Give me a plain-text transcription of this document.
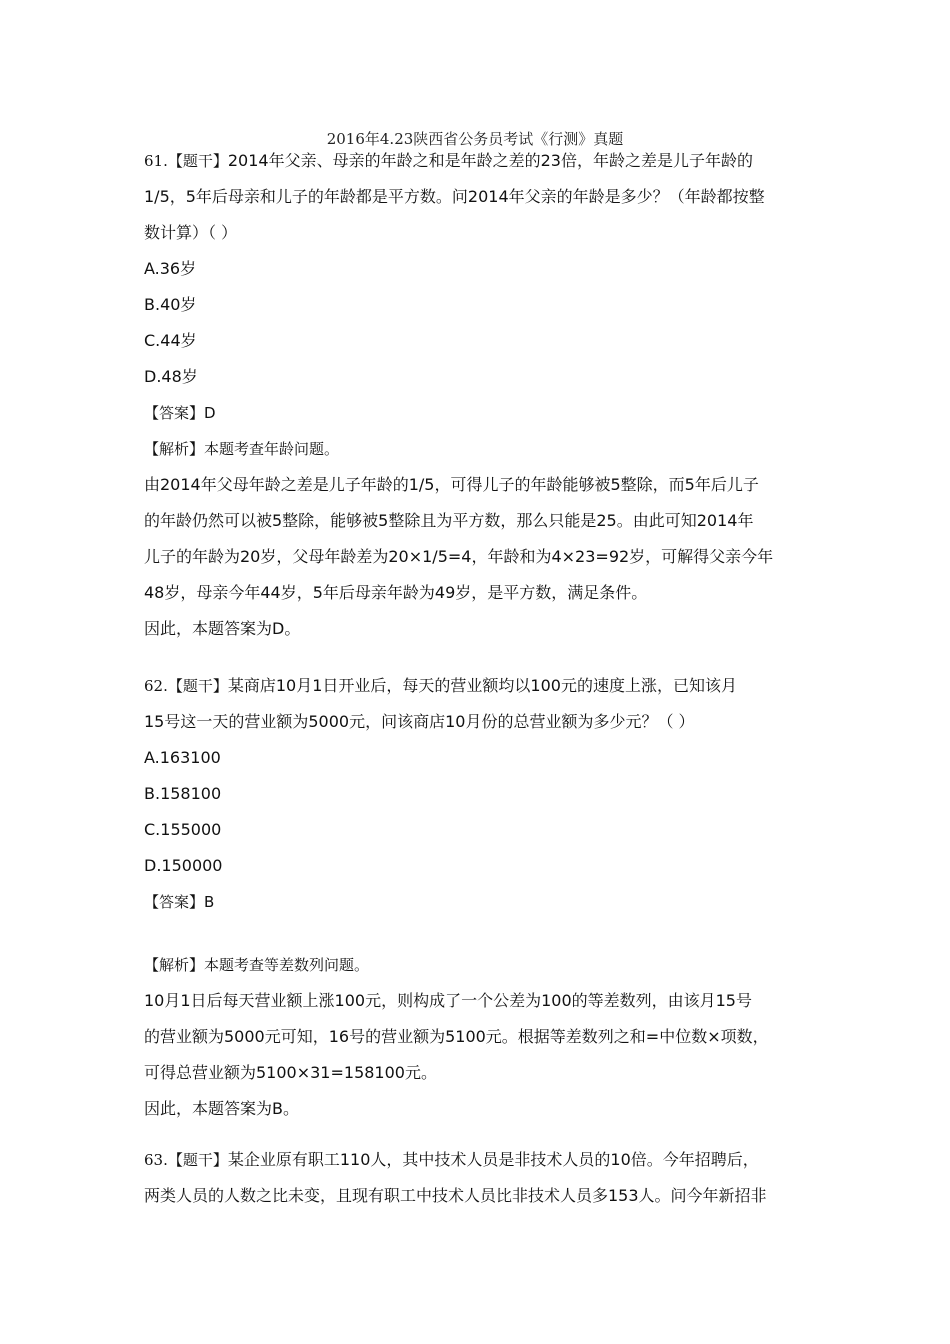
2016年4.23陕西省公务员考试《行测》真题
61.【题干】2014年父亲、母亲的年龄之和是年龄之差的23倍，年龄之差是儿子年龄的
1/5，5年后母亲和儿子的年龄都是平方数。问2014年父亲的年龄是多少？（年龄都按整
数计算）（ ）
A.36岁
B.40岁
C.44岁
D.48岁
【答案】D
【解析】本题考查年龄问题。
由2014年父母年龄之差是儿子年龄的1/5，可得儿子的年龄能够被5整除，而5年后儿子
的年龄仍然可以被5整除，能够被5整除且为平方数，那么只能是25。由此可知2014年
儿子的年龄为20岁，父母年龄差为20×1/5=4，年龄和为4×23=92岁，可解得父亲今年
48岁，母亲今年44岁，5年后母亲年龄为49岁，是平方数，满足条件。
因此，本题答案为D。
62.【题干】某商店10月1日开业后，每天的营业额均以100元的速度上涨，已知该月
15号这一天的营业额为5000元，问该商店10月份的总营业额为多少元？（ ）
A.163100
B.158100
C.155000
D.150000
【答案】B
【解析】本题考查等差数列问题。
10月1日后每天营业额上涨100元，则构成了一个公差为100的等差数列，由该月15号
的营业额为5000元可知，16号的营业额为5100元。根据等差数列之和=中位数×项数，
可得总营业额为5100×31=158100元。
因此，本题答案为B。
63.【题干】某企业原有职工110人，其中技术人员是非技术人员的10倍。今年招聘后，
两类人员的人数之比未变，且现有职工中技术人员比非技术人员多153人。问今年新招非
